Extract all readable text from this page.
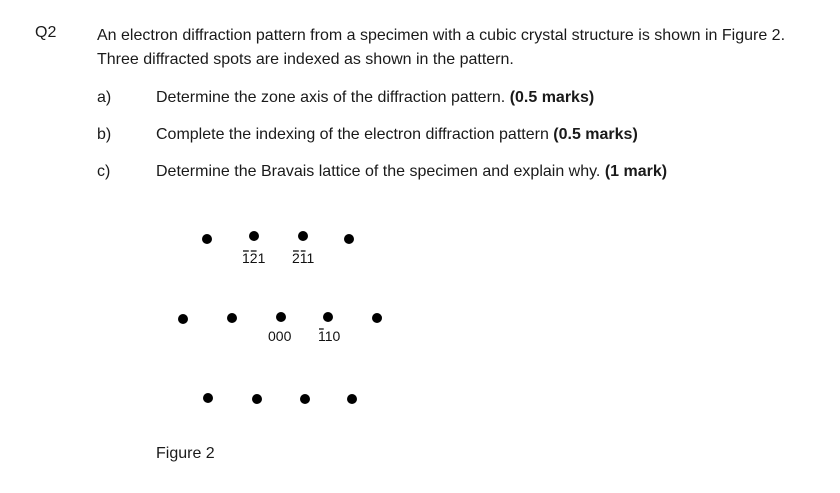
Q2	An electron diffraction pattern from a specimen with a cubic crystal structure is shown in Figure 2. Three diffracted spots are indexed as shown in the pattern.
a)	Determine the zone axis of the diffraction pattern. (0.5 marks)
b)	Complete the indexing of the electron diffraction pattern (0.5 marks)
c)	Determine the Bravais lattice of the specimen and explain why. (1 mark)
121 211
000 110
Figure 2
